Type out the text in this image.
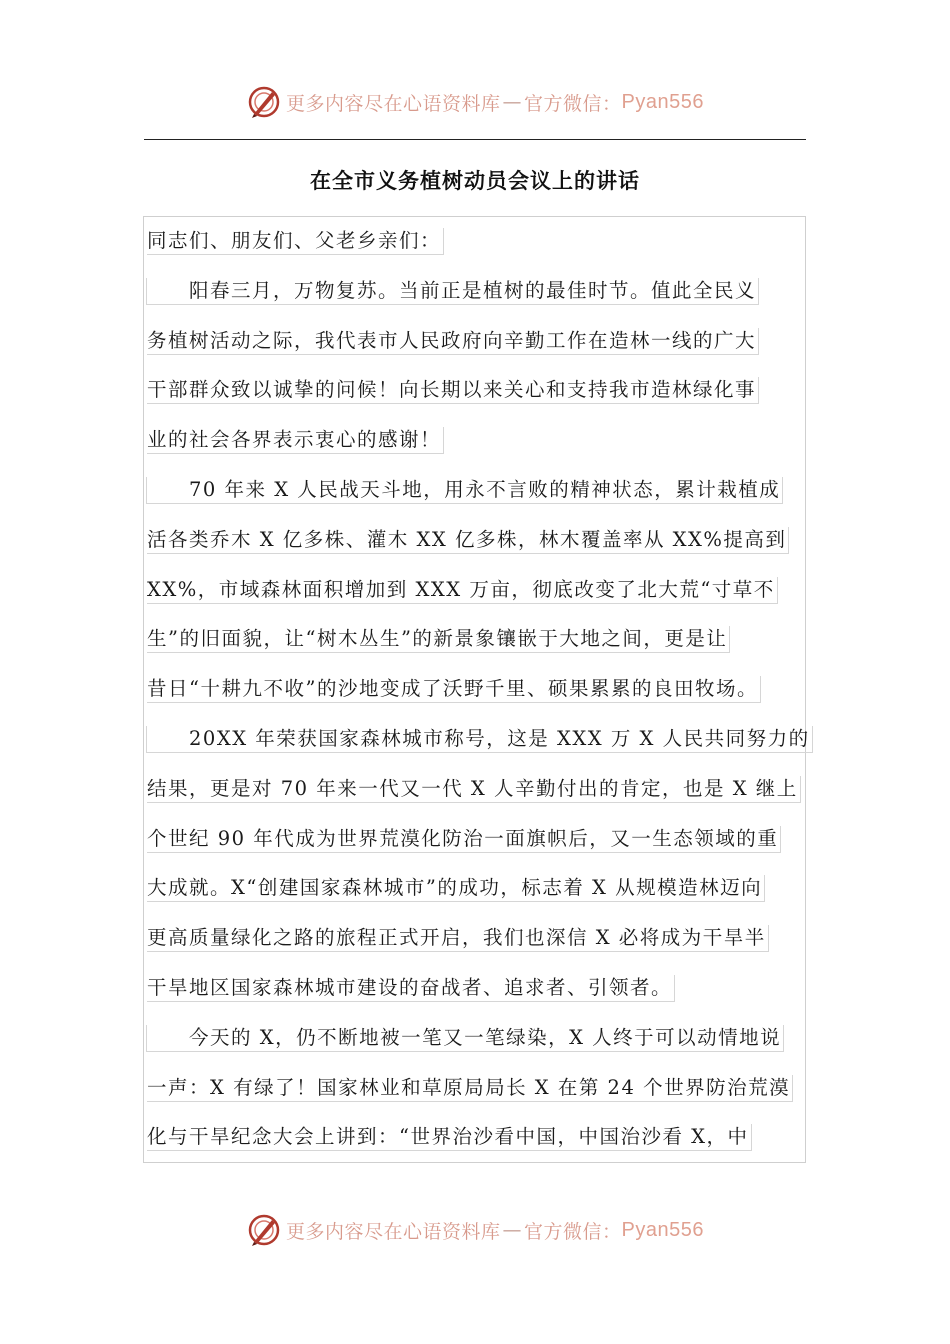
更多内容尽在心语资料库 — 官方微信： Pyan556
在全市义务植树动员会议上的讲话
同志们、朋友们、父老乡亲们：
阳春三月，万物复苏。当前正是植树的最佳时节。值此全民义
务植树活动之际，我代表市人民政府向辛勤工作在造林一线的广大
干部群众致以诚挚的问候！向长期以来关心和支持我市造林绿化事
业的社会各界表示衷心的感谢！
70 年来 X 人民战天斗地，用永不言败的精神状态，累计栽植成
活各类乔木 X 亿多株、灌木 XX 亿多株，林木覆盖率从 XX%提高到
XX%，市域森林面积增加到 XXX 万亩，彻底改变了北大荒“寸草不
生”的旧面貌，让“树木丛生”的新景象镶嵌于大地之间，更是让
昔日“十耕九不收”的沙地变成了沃野千里、硕果累累的良田牧场。
20XX 年荣获国家森林城市称号，这是 XXX 万 X 人民共同努力的
结果，更是对 70 年来一代又一代 X 人辛勤付出的肯定，也是 X 继上
个世纪 90 年代成为世界荒漠化防治一面旗帜后，又一生态领域的重
大成就。X“创建国家森林城市”的成功，标志着 X 从规模造林迈向
更高质量绿化之路的旅程正式开启，我们也深信 X 必将成为干旱半
干旱地区国家森林城市建设的奋战者、追求者、引领者。
今天的 X，仍不断地被一笔又一笔绿染，X 人终于可以动情地说
一声：X 有绿了！国家林业和草原局局长 X 在第 24 个世界防治荒漠
化与干旱纪念大会上讲到：“世界治沙看中国，中国治沙看 X，中
更多内容尽在心语资料库 — 官方微信： Pyan556
